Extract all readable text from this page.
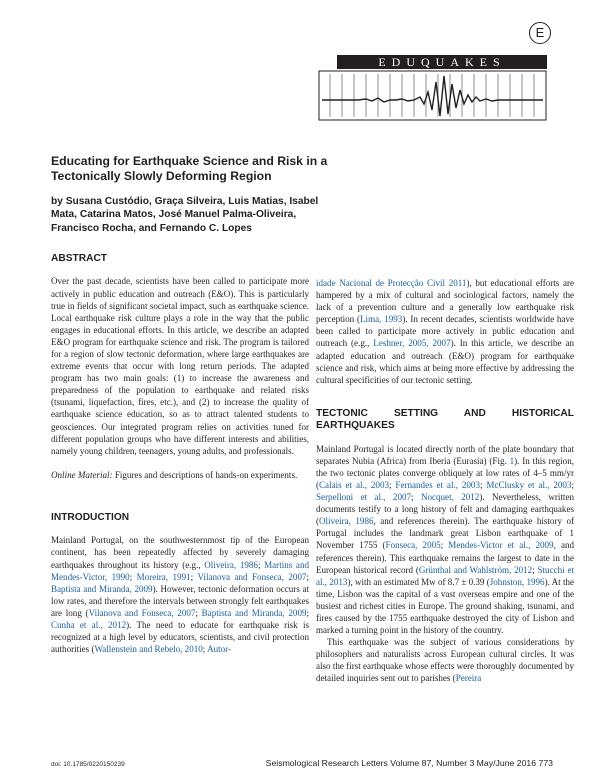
E
EDUQUAKES
Educating for Earthquake Science and Risk in a Tectonically Slowly Deforming Region

by Susana Custódio, Graça Silveira, Luis Matias, Isabel Mata, Catarina Matos, José Manuel Palma-Oliveira, Francisco Rocha, and Fernando C. Lopes

ABSTRACT

Over the past decade, scientists have been called to participate more actively in public education and outreach (E&O). This is particularly true in fields of significant societal impact, such as earthquake science. Local earthquake risk culture plays a role in the way that the public engages in educational efforts. In this article, we describe an adapted E&O program for earthquake science and risk. The program is tailored for a region of slow tectonic deformation, where large earthquakes are extreme events that occur with long return periods. The adapted program has two main goals: (1) to increase the awareness and preparedness of the population to earthquake and related risks (tsunami, liquefaction, fires, etc.), and (2) to increase the quality of earthquake science education, so as to attract talented students to geosciences. Our integrated program relies on activities tuned for different population groups who have different interests and abilities, namely young children, teenagers, young adults, and professionals.

Online Material: Figures and descriptions of hands-on experiments.

INTRODUCTION

Mainland Portugal, on the southwesternmost tip of the European continent, has been repeatedly affected by severely damaging earthquakes throughout its history (e.g., Oliveira, 1986; Martins and Mendes-Victor, 1990; Moreira, 1991; Vilanova and Fonseca, 2007; Baptista and Miranda, 2009). However, tectonic deformation occurs at low rates, and therefore the intervals between strongly felt earthquakes are long (Vilanova and Fonseca, 2007; Baptista and Miranda, 2009; Cunha et al., 2012). The need to educate for earthquake risk is recognized at a high level by educators, scientists, and civil protection authorities (Wallenstein and Rebelo, 2010; Autor-

idade Nacional de Protecção Civil 2011), but educational efforts are hampered by a mix of cultural and sociological factors, namely the lack of a prevention culture and a generally low earthquake risk perception (Lima, 1993). In recent decades, scientists worldwide have been called to participate more actively in public education and outreach (e.g., Leshner, 2005, 2007). In this article, we describe an adapted education and outreach (E&O) program for earthquake science and risk, which aims at being more effective by addressing the cultural specificities of our tectonic setting.

TECTONIC SETTING AND HISTORICAL EARTHQUAKES

Mainland Portugal is located directly north of the plate boundary that separates Nubia (Africa) from Iberia (Eurasia) (Fig. 1). In this region, the two tectonic plates converge obliquely at low rates of 4–5 mm/yr (Calais et al., 2003; Fernandes et al., 2003; McClusky et al., 2003; Serpelloni et al., 2007; Nocquet, 2012). Nevertheless, written documents testify to a long history of felt and damaging earthquakes (Oliveira, 1986, and references therein). The earthquake history of Portugal includes the landmark great Lisbon earthquake of 1 November 1755 (Fonseca, 2005; Mendes-Victor et al., 2009, and references therein). This earthquake remains the largest to date in the European historical record (Grünthal and Wahlström, 2012; Stucchi et al., 2013), with an estimated Mw of 8.7 ± 0.39 (Johnston, 1996). At the time, Lisbon was the capital of a vast overseas empire and one of the busiest and richest cities in Europe. The ground shaking, tsunami, and fires caused by the 1755 earthquake destroyed the city of Lisbon and marked a turning point in the history of the country.

This earthquake was the subject of various considerations by philosophers and naturalists across European cultural circles. It was also the first earthquake whose effects were thoroughly documented by detailed inquiries sent out to parishes (Pereira

doi: 10.1785/0220150239	Seismological Research Letters Volume 87, Number 3 May/June 2016 773
